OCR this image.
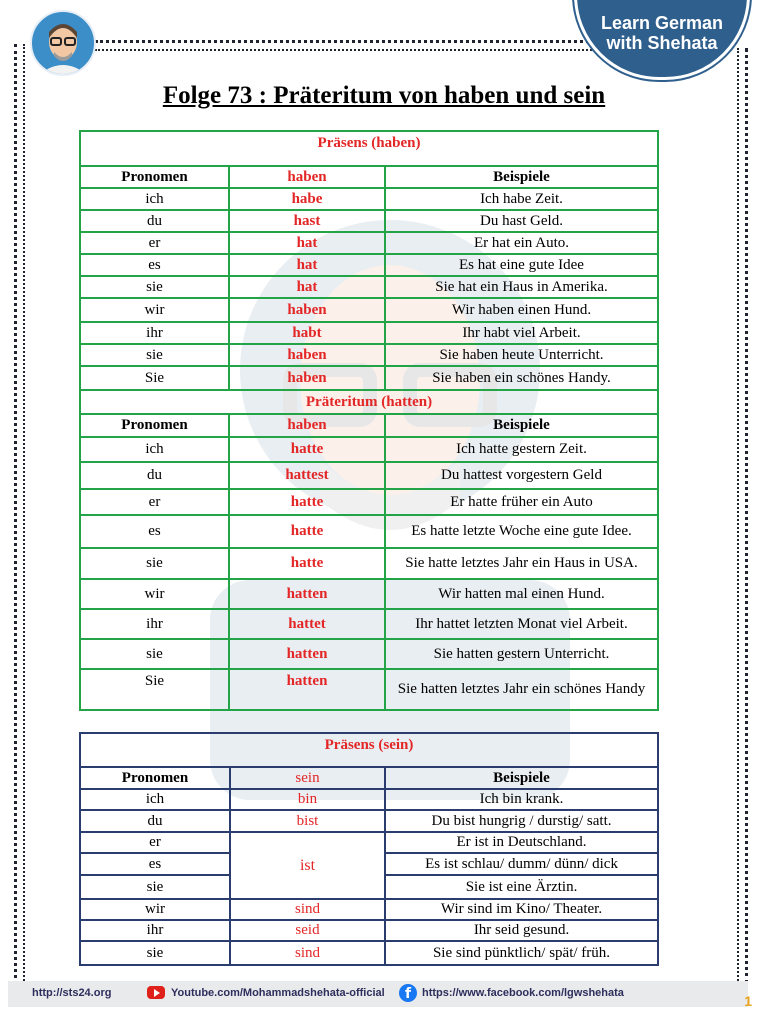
Learn German
with Shehata
Folge 73 : Präteritum von haben und sein
Präsens (haben)		
Pronomen	haben	Beispiele
ich	habe	Ich habe Zeit.
du	hast	Du hast Geld.
er	hat	Er hat ein Auto.
es	hat	Es hat eine gute Idee
sie	hat	Sie hat ein Haus in Amerika.
wir	haben	Wir haben einen Hund.
ihr	habt	Ihr habt viel Arbeit.
sie	haben	Sie haben heute Unterricht.
Sie	haben	Sie haben ein schönes Handy.
Präteritum (hatten)		
Pronomen	haben	Beispiele
ich	hatte	Ich hatte gestern Zeit.
du	hattest	Du hattest vorgestern Geld
er	hatte	Er hatte früher ein Auto
es	hatte	Es hatte letzte Woche eine gute Idee.
sie	hatte	Sie hatte letztes Jahr ein Haus in USA.
wir	hatten	Wir hatten mal einen Hund.
ihr	hattet	Ihr hattet letzten Monat viel Arbeit.
sie	hatten	Sie hatten gestern Unterricht.
Sie	hatten	Sie hatten letztes Jahr ein schönes Handy
Präsens (sein)		
Pronomen	sein	Beispiele
ich	bin	Ich bin krank.
du	bist	Du bist hungrig / durstig/ satt.
er	ist	Er ist in Deutschland.
es		Es ist schlau/ dumm/ dünn/ dick
sie		Sie ist eine Ärztin.
wir	sind	Wir sind im Kino/ Theater.
ihr	seid	Ihr seid gesund.
sie	sind	Sie sind pünktlich/ spät/ früh.
http://sts24.org	Youtube.com/Mohammadshehata-official	f https://www.facebook.com/lgwshehata	1
